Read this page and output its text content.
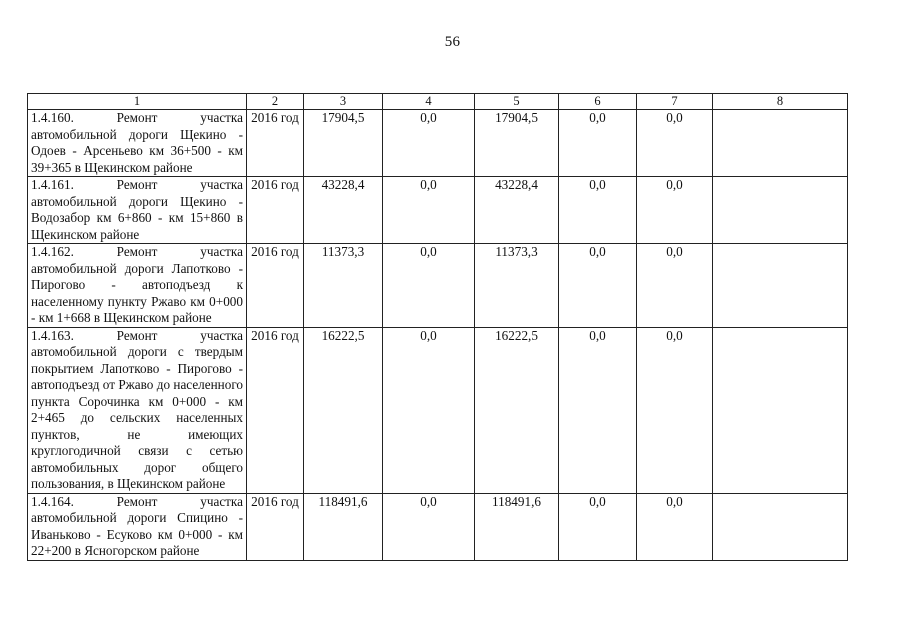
56
1	2	3	4	5	6	7	8
1.4.160. Ремонт участка автомобильной дороги Щекино - Одоев - Арсеньево км 36+500 - км 39+365 в Щекинском районе	2016 год	17904,5	0,0	17904,5	0,0	0,0	
1.4.161. Ремонт участка автомобильной дороги Щекино - Водозабор км 6+860 - км 15+860 в Щекинском районе	2016 год	43228,4	0,0	43228,4	0,0	0,0	
1.4.162. Ремонт участка автомобильной дороги Лапотково - Пирогово - автоподъезд к населенному пункту Ржаво км 0+000 - км 1+668 в Щекинском районе	2016 год	11373,3	0,0	11373,3	0,0	0,0	
1.4.163. Ремонт участка автомобильной дороги с твердым покрытием Лапотково - Пирогово - автоподъезд от Ржаво до населенного пункта Сорочинка км 0+000 - км 2+465 до сельских населенных пунктов, не имеющих круглогодичной связи с сетью автомобильных дорог общего пользования, в Щекинском районе	2016 год	16222,5	0,0	16222,5	0,0	0,0	
1.4.164. Ремонт участка автомобильной дороги Спицино - Иваньково - Есуково км 0+000 - км 22+200 в Ясногорском районе	2016 год	118491,6	0,0	118491,6	0,0	0,0	
